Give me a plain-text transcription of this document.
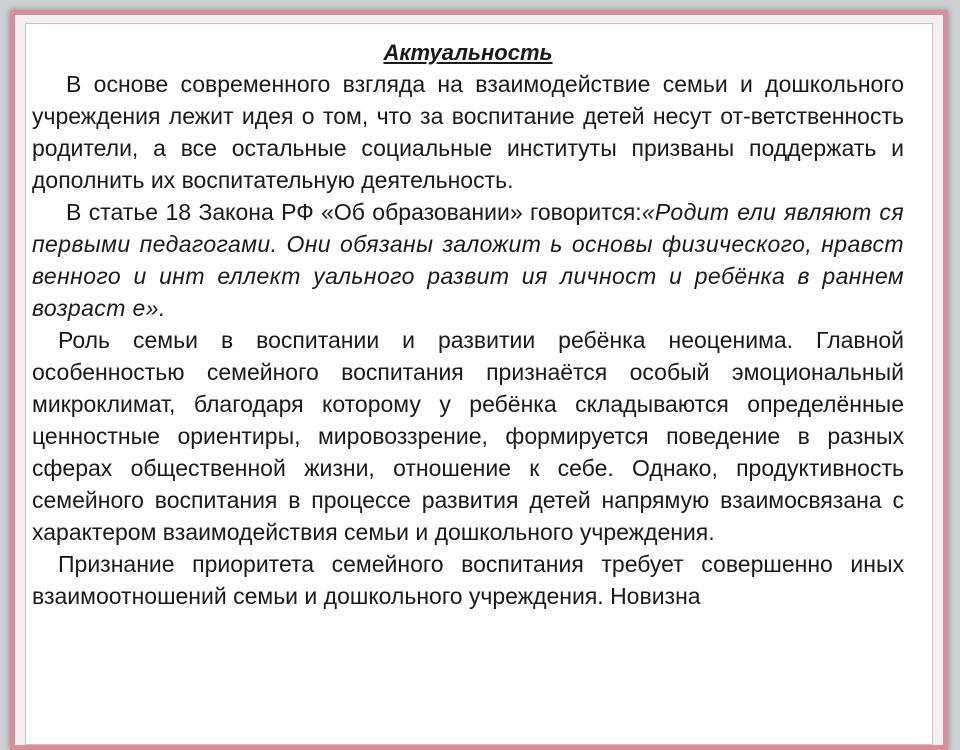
Актуальность

В основе современного взгляда на взаимодействие семьи и дошкольного учреждения лежит идея о том, что за воспитание детей несут от-ветственность родители, а все остальные социальные институты призваны поддержать и дополнить их воспитательную деятельность.

В статье 18 Закона РФ «Об образовании» говорится:«Родит ели являют ся первыми педагогами. Они обязаны заложит ь основы физического, нравст венного и инт еллект уального развит ия личност и ребёнка в раннем возраст е».

Роль семьи в воспитании и развитии ребёнка неоценима. Главной особенностью семейного воспитания признаётся особый эмоциональный микроклимат, благодаря которому у ребёнка складываются определённые ценностные ориентиры, мировоззрение, формируется поведение в разных сферах общественной жизни, отношение к себе. Однако, продуктивность семейного воспитания в процессе развития детей напрямую взаимосвязана с характером взаимодействия семьи и дошкольного учреждения.

Признание приоритета семейного воспитания требует совершенно иных взаимоотношений семьи и дошкольного учреждения. Новизна
